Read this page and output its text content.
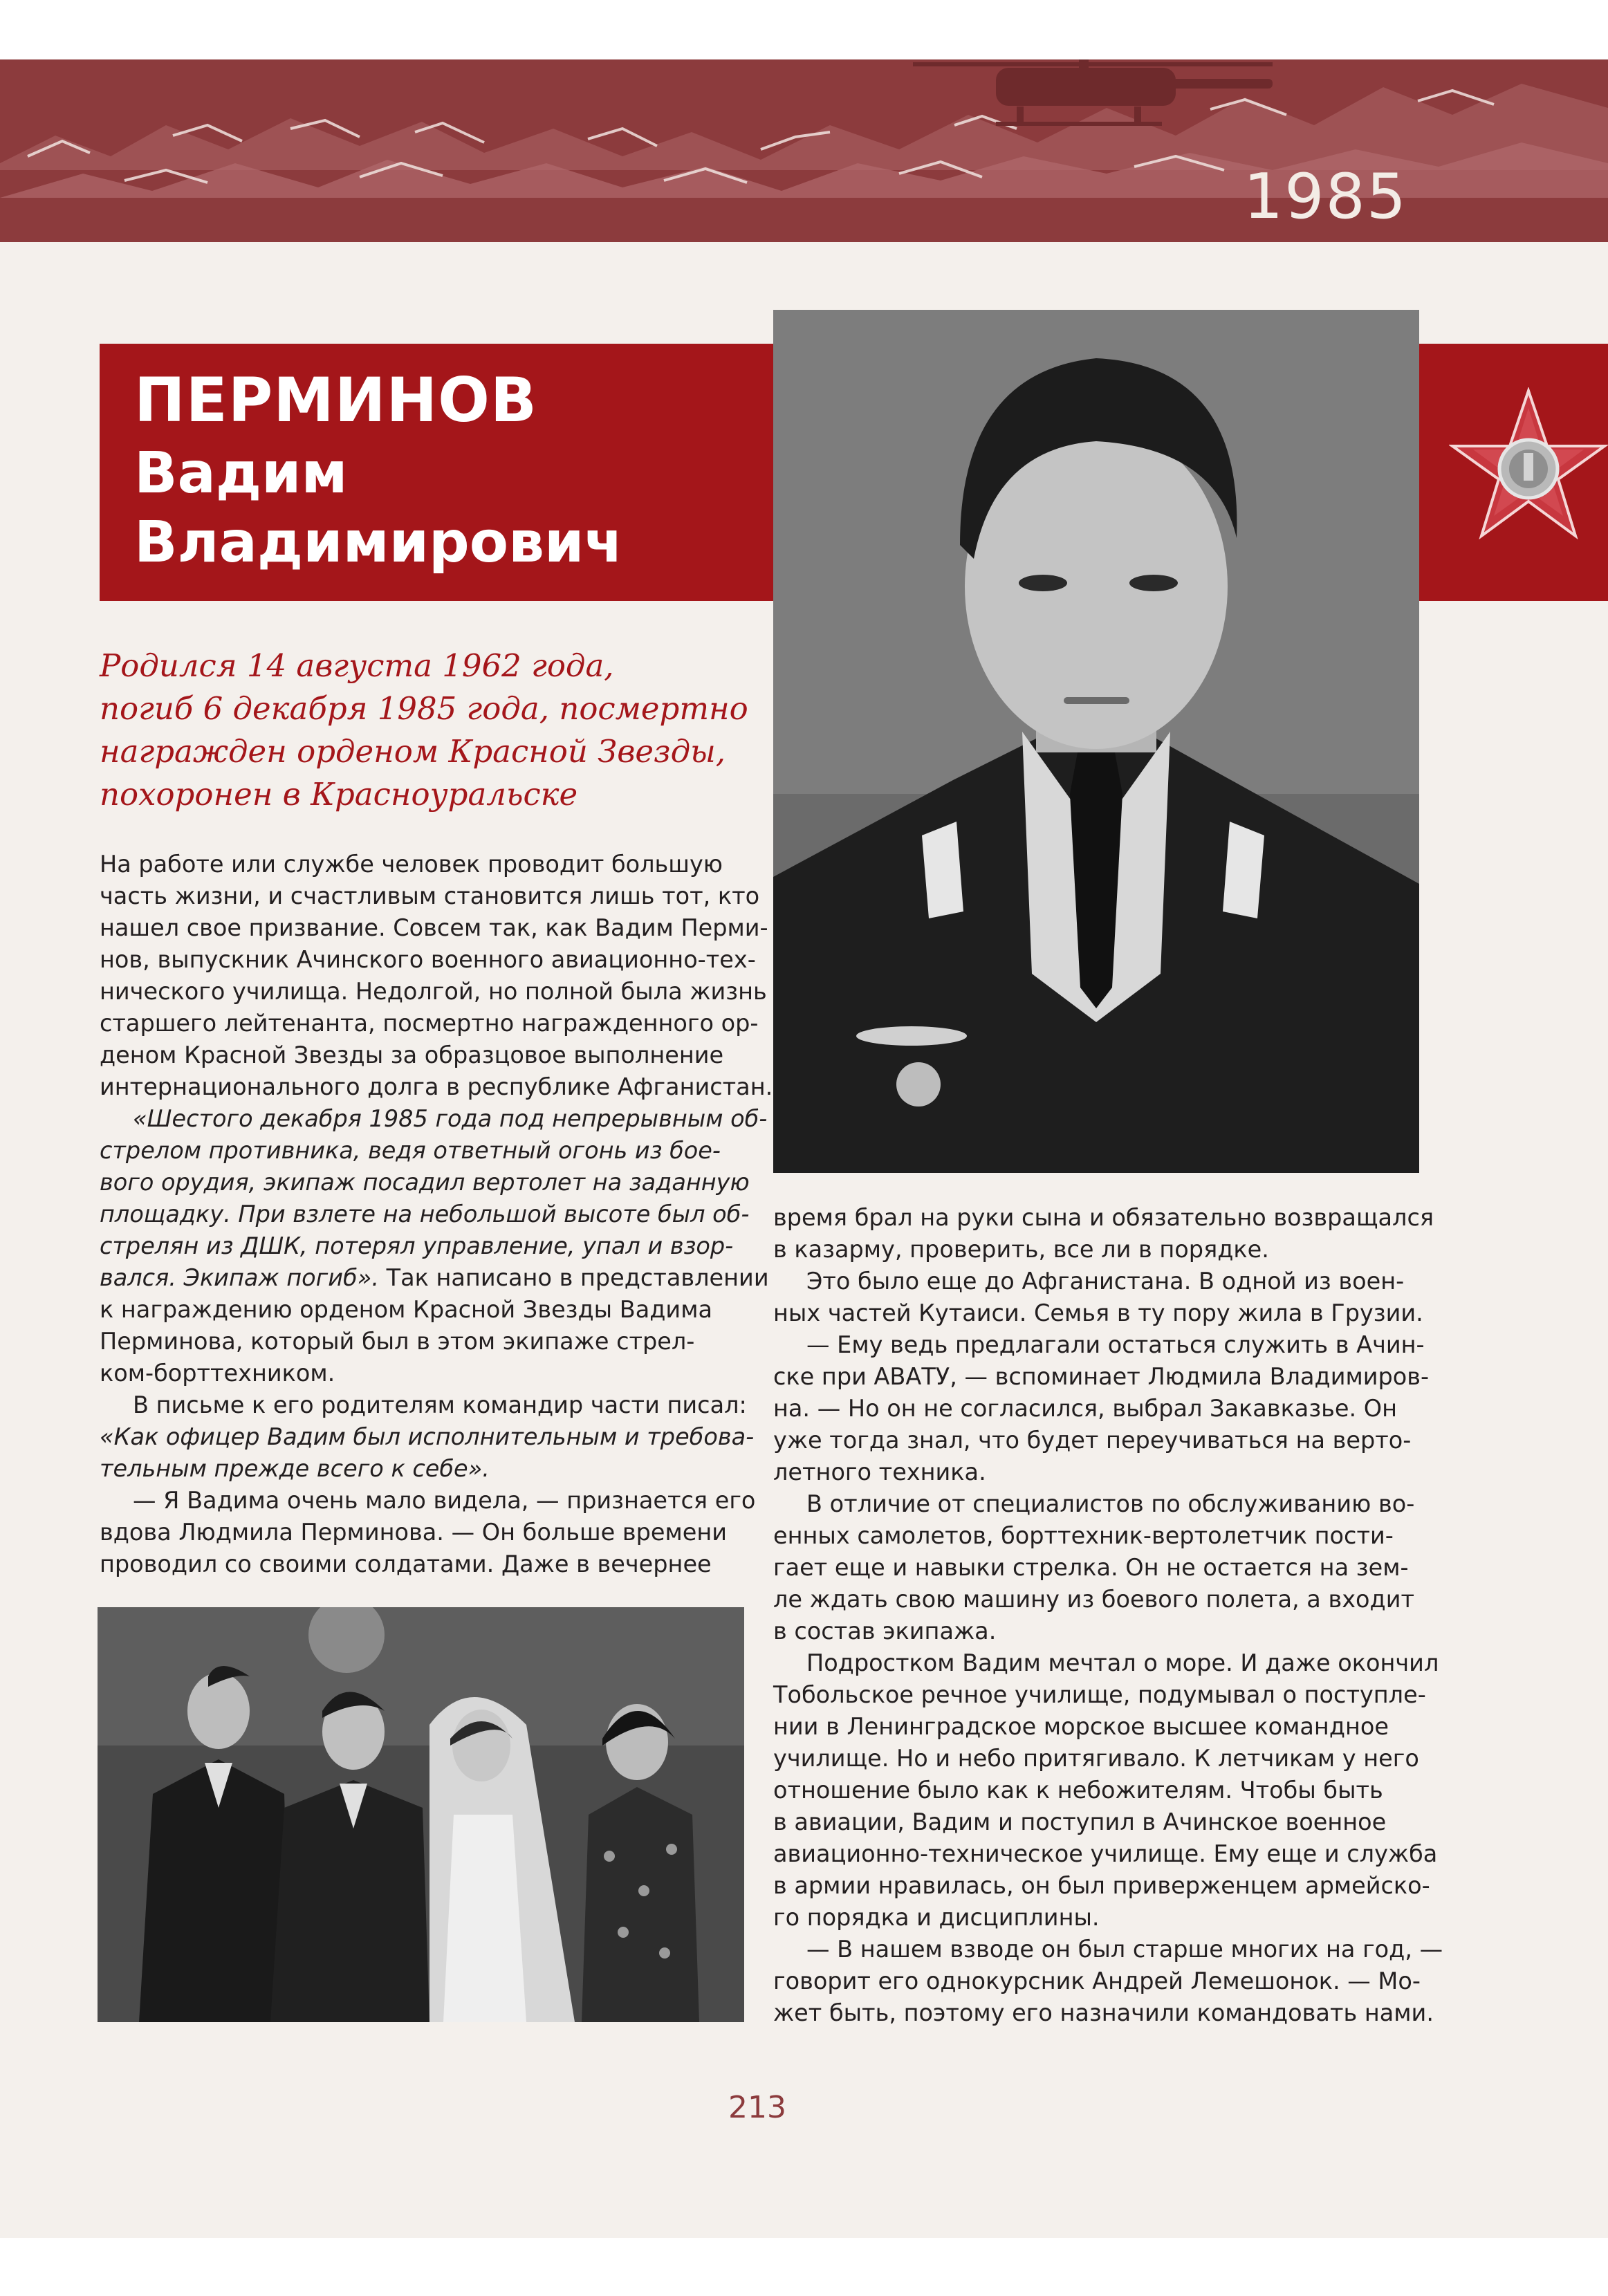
1985
ПЕРМИНОВ
Вадим
Владимирович
Родился 14 августа 1962 года,
погиб 6 декабря 1985 года, посмертно
награжден орденом Красной Звезды,
похоронен в Красноуральске
На работе или службе человек проводит большую
часть жизни, и счастливым становится лишь тот, кто
нашел свое призвание. Совсем так, как Вадим Перми-
нов, выпускник Ачинского военного авиационно-тех-
нического училища. Недолгой, но полной была жизнь
старшего лейтенанта, посмертно награжденного ор-
деном Красной Звезды за образцовое выполнение
интернационального долга в республике Афганистан.
«Шестого декабря 1985 года под непрерывным об-
стрелом противника, ведя ответный огонь из бое-
вого орудия, экипаж посадил вертолет на заданную
площадку. При взлете на небольшой высоте был об-
стрелян из ДШК, потерял управление, упал и взор-
вался. Экипаж погиб». Так написано в представлении
к награждению орденом Красной Звезды Вадима
Перминова, который был в этом экипаже стрел-
ком-борттехником.
В письме к его родителям командир части писал:
«Как офицер Вадим был исполнительным и требова-
тельным прежде всего к себе».
— Я Вадима очень мало видела, — признается его
вдова Людмила Перминова. — Он больше времени
проводил со своими солдатами. Даже в вечернее
время брал на руки сына и обязательно возвращался
в казарму, проверить, все ли в порядке.
Это было еще до Афганистана. В одной из воен-
ных частей Кутаиси. Семья в ту пору жила в Грузии.
— Ему ведь предлагали остаться служить в Ачин-
ске при АВАТУ, — вспоминает Людмила Владимиров-
на. — Но он не согласился, выбрал Закавказье. Он
уже тогда знал, что будет переучиваться на верто-
летного техника.
В отличие от специалистов по обслуживанию во-
енных самолетов, борттехник-вертолетчик пости-
гает еще и навыки стрелка. Он не остается на зем-
ле ждать свою машину из боевого полета, а входит
в состав экипажа.
Подростком Вадим мечтал о море. И даже окончил
Тобольское речное училище, подумывал о поступле-
нии в Ленинградское морское высшее командное
училище. Но и небо притягивало. К летчикам у него
отношение было как к небожителям. Чтобы быть
в авиации, Вадим и поступил в Ачинское военное
авиационно-техническое училище. Ему еще и служба
в армии нравилась, он был приверженцем армейско-
го порядка и дисциплины.
— В нашем взводе он был старше многих на год, —
говорит его однокурсник Андрей Лемешонок. — Мо-
жет быть, поэтому его назначили командовать нами.
213
